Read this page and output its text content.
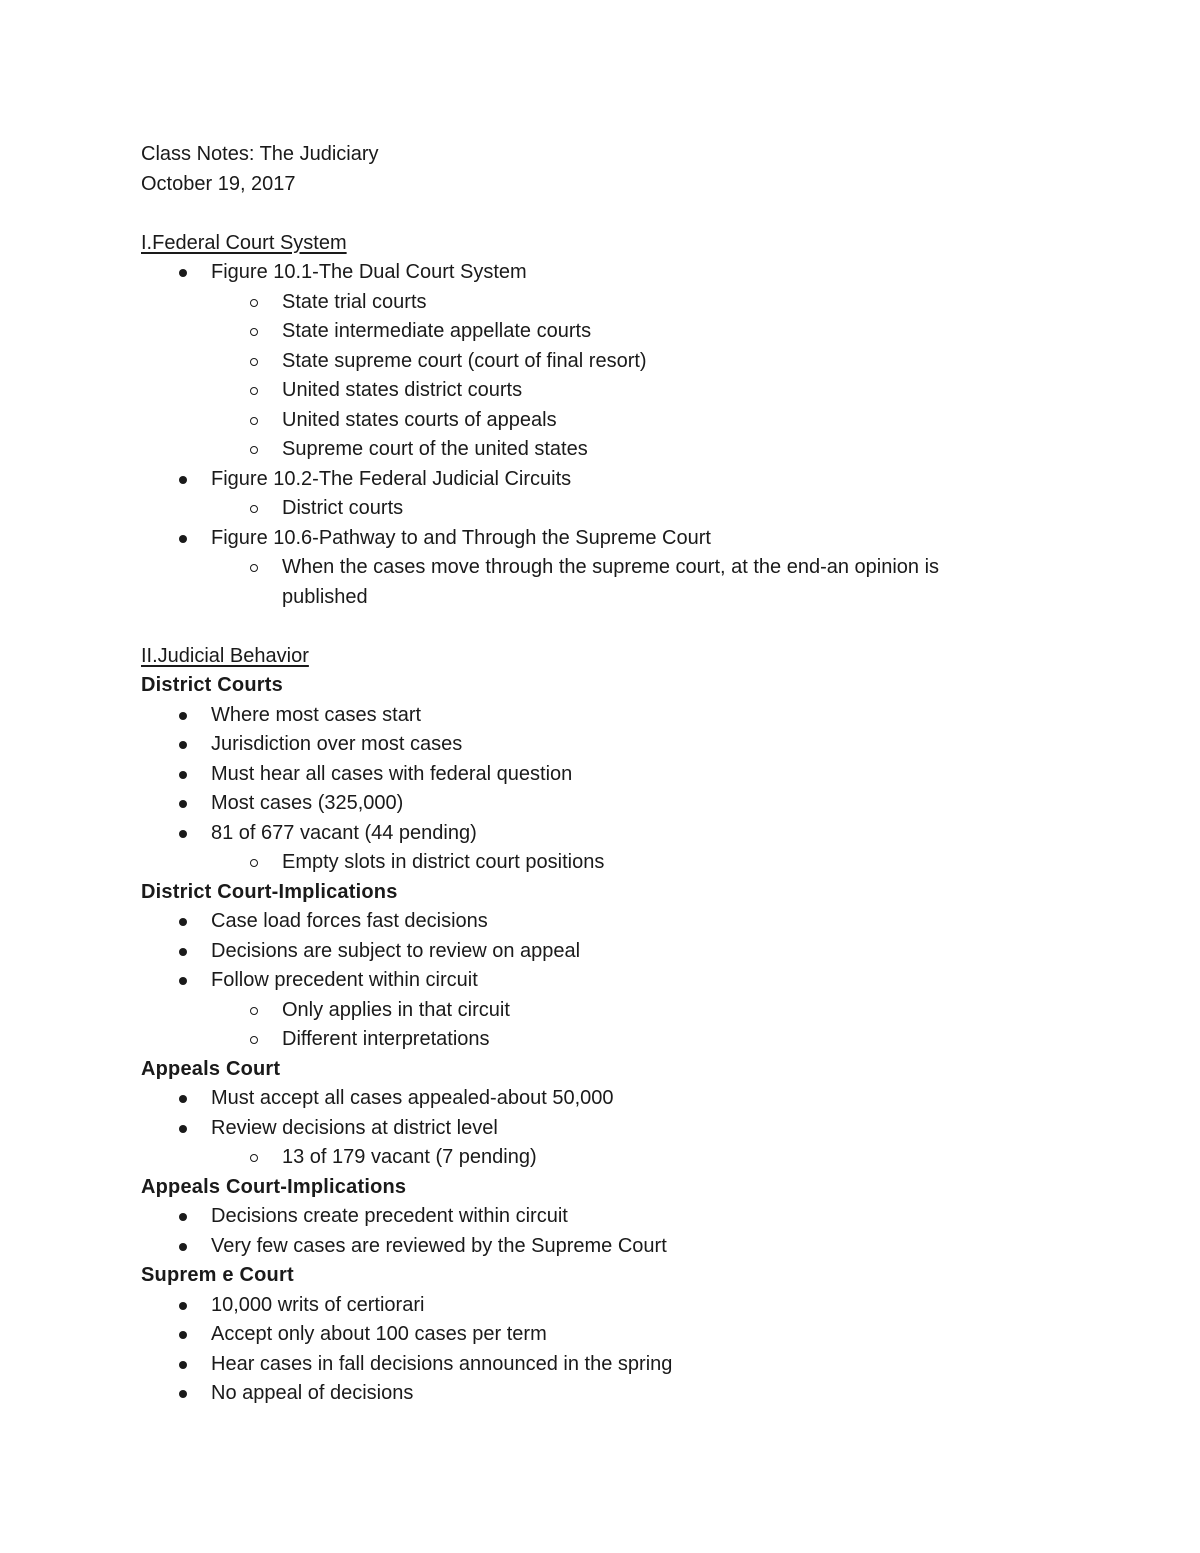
Class Notes: The Judiciary

October 19, 2017

I.Federal Court System

Figure 10.1-The Dual Court System
State trial courts
State intermediate appellate courts
State supreme court (court of final resort)
United states district courts
United states courts of appeals
Supreme court of the united states
Figure 10.2-The Federal Judicial Circuits
District courts
Figure 10.6-Pathway to and Through the Supreme Court
When the cases move through the supreme court, at the end-an opinion is published

II.Judicial Behavior

District Courts

Where most cases start
Jurisdiction over most cases
Must hear all cases with federal question
Most cases (325,000)
81 of 677 vacant (44 pending)
Empty slots in district court positions

District Court-Implications

Case load forces fast decisions
Decisions are subject to review on appeal
Follow precedent within circuit
Only applies in that circuit
Different interpretations

Appeals Court

Must accept all cases appealed-about 50,000
Review decisions at district level
13 of 179 vacant (7 pending)

Appeals Court-Implications

Decisions create precedent within circuit
Very few cases are reviewed by the Supreme Court

Suprem e Court

10,000 writs of certiorari
Accept only about 100 cases per term
Hear cases in fall decisions announced in the spring
No appeal of decisions
